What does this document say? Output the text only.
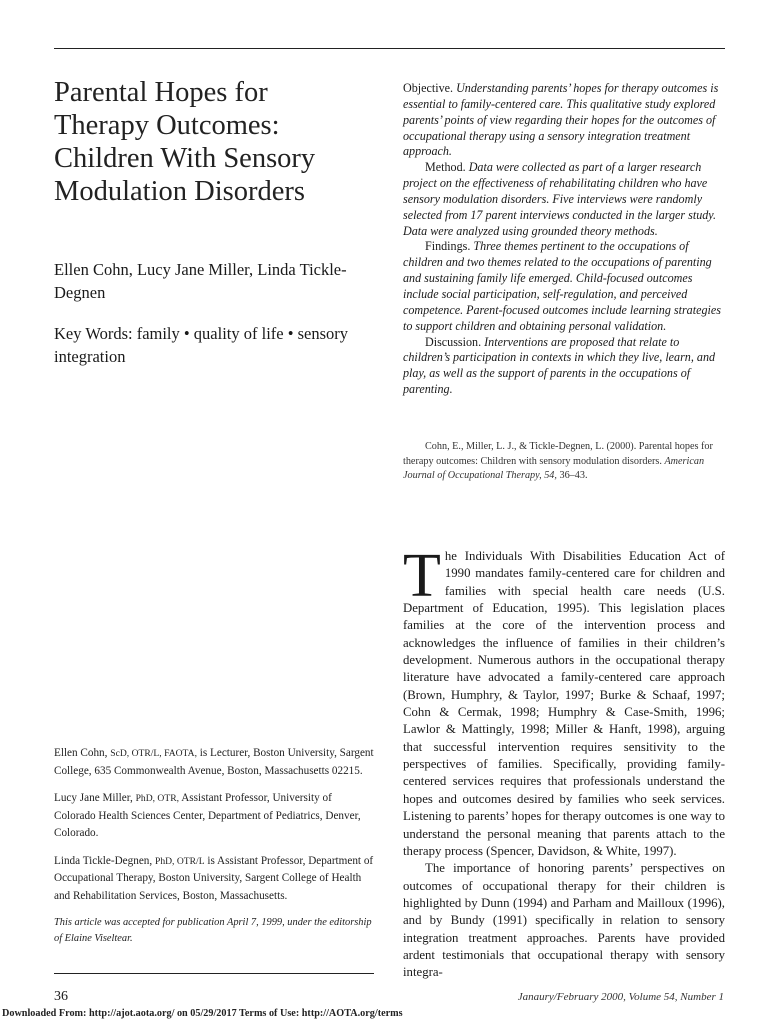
Parental Hopes for
Therapy Outcomes:
Children With Sensory
Modulation Disorders
Ellen Cohn, Lucy Jane Miller, Linda Tickle-Degnen
Key Words: family • quality of life • sensory integration

Objective. Understanding parents’ hopes for therapy outcomes is essential to family-centered care. This qualitative study explored parents’ points of view regarding their hopes for the outcomes of occupational therapy using a sensory integration treatment approach.

Method. Data were collected as part of a larger research project on the effectiveness of rehabilitating children who have sensory modulation disorders. Five interviews were randomly selected from 17 parent interviews conducted in the larger study. Data were analyzed using grounded theory methods.

Findings. Three themes pertinent to the occupations of children and two themes related to the occupations of parenting and sustaining family life emerged. Child-focused outcomes include social participation, self-regulation, and perceived competence. Parent-focused outcomes include learning strategies to support children and obtaining personal validation.

Discussion. Interventions are proposed that relate to children’s participation in contexts in which they live, learn, and play, as well as the support of parents in the occupations of parenting.

Cohn, E., Miller, L. J., & Tickle-Degnen, L. (2000). Parental hopes for therapy outcomes: Children with sensory modulation disorders. American Journal of Occupational Therapy, 54, 36–43.

The Individuals With Disabilities Education Act of 1990 mandates family-centered care for children and families with special health care needs (U.S. Department of Education, 1995). This legislation places families at the core of the intervention process and acknowledges the influence of families in their children’s development. Numerous authors in the occupational therapy literature have advocated a family-centered care approach (Brown, Humphry, & Taylor, 1997; Burke & Schaaf, 1997; Cohn & Cermak, 1998; Humphry & Case-Smith, 1996; Lawlor & Mattingly, 1998; Miller & Hanft, 1998), arguing that successful intervention requires sensitivity to the perspectives of families. Specifically, providing family-centered services requires that professionals understand the hopes and outcomes desired by families who seek services. Listening to parents’ hopes for therapy outcomes is one way to understand the personal meaning that parents attach to the therapy process (Spencer, Davidson, & White, 1997).

The importance of honoring parents’ perspectives on outcomes of occupational therapy for their children is highlighted by Dunn (1994) and Parham and Mailloux (1996), and by Bundy (1991) specifically in relation to sensory integration treatment approaches. Parents have provided ardent testimonials that occupational therapy with sensory integra-

Ellen Cohn, ScD, OTR/L, FAOTA, is Lecturer, Boston University, Sargent College, 635 Commonwealth Avenue, Boston, Massachusetts 02215.

Lucy Jane Miller, PhD, OTR, Assistant Professor, University of Colorado Health Sciences Center, Department of Pediatrics, Denver, Colorado.

Linda Tickle-Degnen, PhD, OTR/L is Assistant Professor, Department of Occupational Therapy, Boston University, Sargent College of Health and Rehabilitation Services, Boston, Massachusetts.

This article was accepted for publication April 7, 1999, under the editorship of Elaine Viseltear.

36	Janaury/February 2000, Volume 54, Number 1
Downloaded From: http://ajot.aota.org/ on 05/29/2017 Terms of Use: http://AOTA.org/terms
